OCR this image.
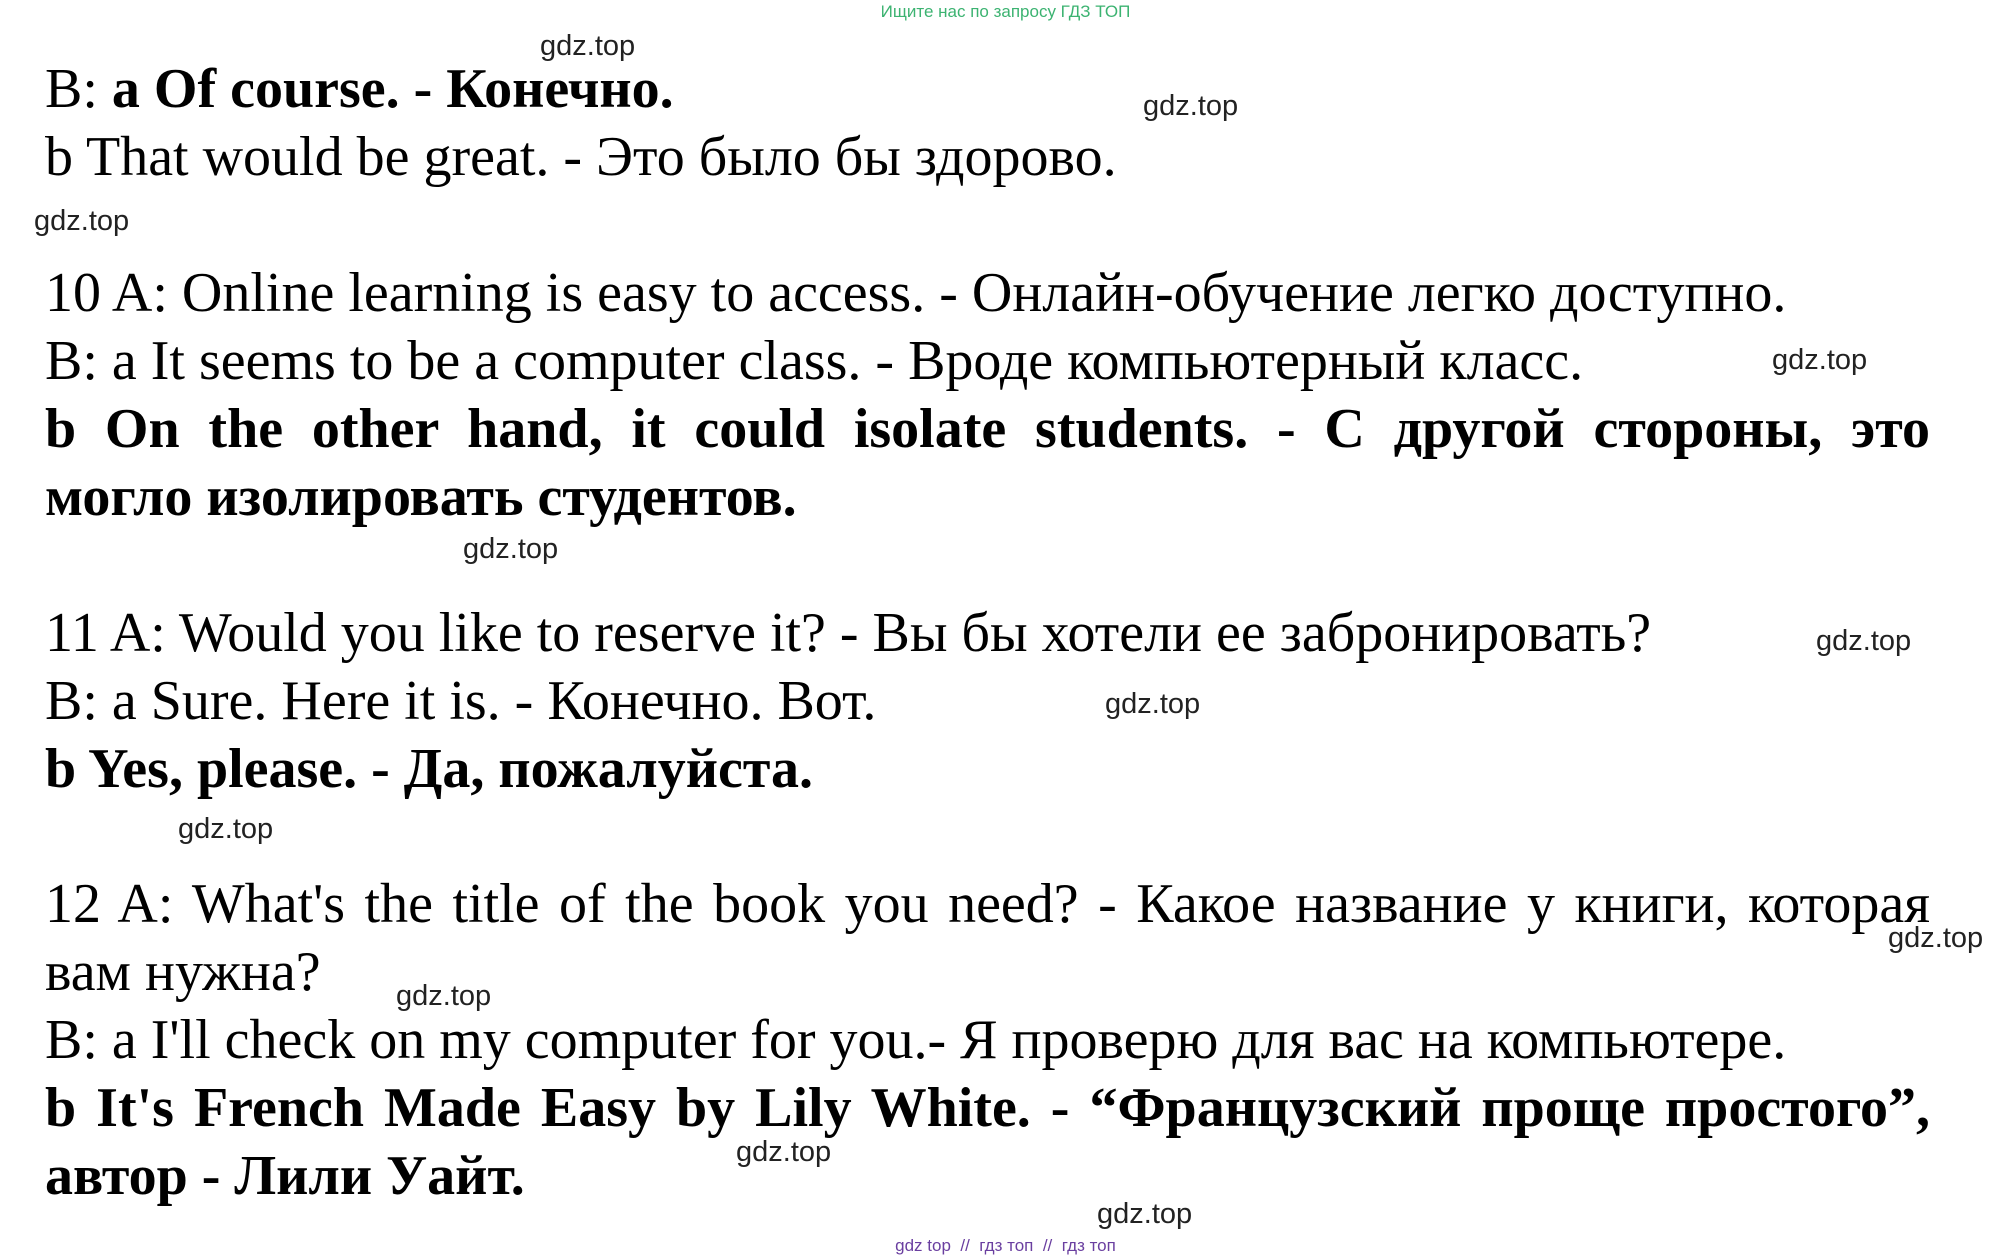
Ищите нас по запросу ГДЗ ТОП
B: a Of course. - Конечно.
b That would be great. - Это было бы здорово.
10 A: Online learning is easy to access. - Онлайн-обучение легко доступно.
B: a It seems to be a computer class. - Вроде компьютерный класс.
b On the other hand, it could isolate students. - С другой стороны, это
могло изолировать студентов.
11 A: Would you like to reserve it? - Вы бы хотели ее забронировать?
B: a Sure. Here it is. - Конечно. Вот.
b Yes, please. - Да, пожалуйста.
12 A: What's the title of the book you need? - Какое название у книги, которая
вам нужна?
B: a I'll check on my computer for you.- Я проверю для вас на компьютере.
b It's French Made Easy by Lily White. - “Французский проще простого”,
автор - Лили Уайт.
gdz.top
gdz.top
gdz.top
gdz.top
gdz.top
gdz.top
gdz.top
gdz.top
gdz.top
gdz.top
gdz.top
gdz.top
gdz top  //  гдз топ  //  гдз топ
